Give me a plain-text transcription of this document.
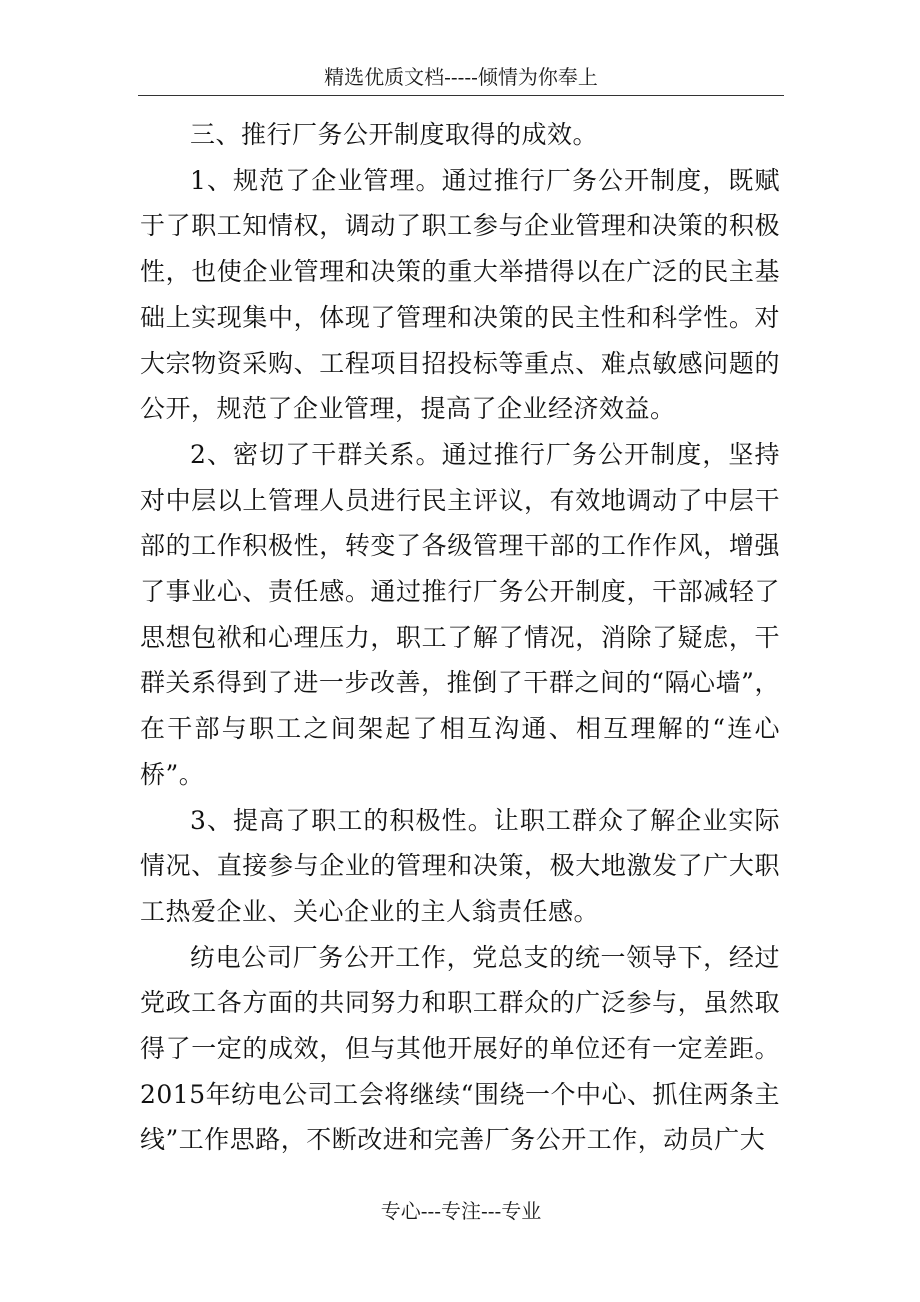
精选优质文档-----倾情为你奉上

三、推行厂务公开制度取得的成效。

1、规范了企业管理。通过推行厂务公开制度，既赋于了职工知情权，调动了职工参与企业管理和决策的积极性，也使企业管理和决策的重大举措得以在广泛的民主基础上实现集中，体现了管理和决策的民主性和科学性。对大宗物资采购、工程项目招投标等重点、难点敏感问题的公开，规范了企业管理，提高了企业经济效益。

2、密切了干群关系。通过推行厂务公开制度，坚持对中层以上管理人员进行民主评议，有效地调动了中层干部的工作积极性，转变了各级管理干部的工作作风，增强了事业心、责任感。通过推行厂务公开制度，干部减轻了思想包袱和心理压力，职工了解了情况，消除了疑虑，干群关系得到了进一步改善，推倒了干群之间的“隔心墙”，在干部与职工之间架起了相互沟通、相互理解的“连心桥”。

3、提高了职工的积极性。让职工群众了解企业实际情况、直接参与企业的管理和决策，极大地激发了广大职工热爱企业、关心企业的主人翁责任感。

纺电公司厂务公开工作，党总支的统一领导下，经过党政工各方面的共同努力和职工群众的广泛参与，虽然取得了一定的成效，但与其他开展好的单位还有一定差距。2015年纺电公司工会将继续“围绕一个中心、抓住两条主线”工作思路，不断改进和完善厂务公开工作，动员广大

专心---专注---专业
